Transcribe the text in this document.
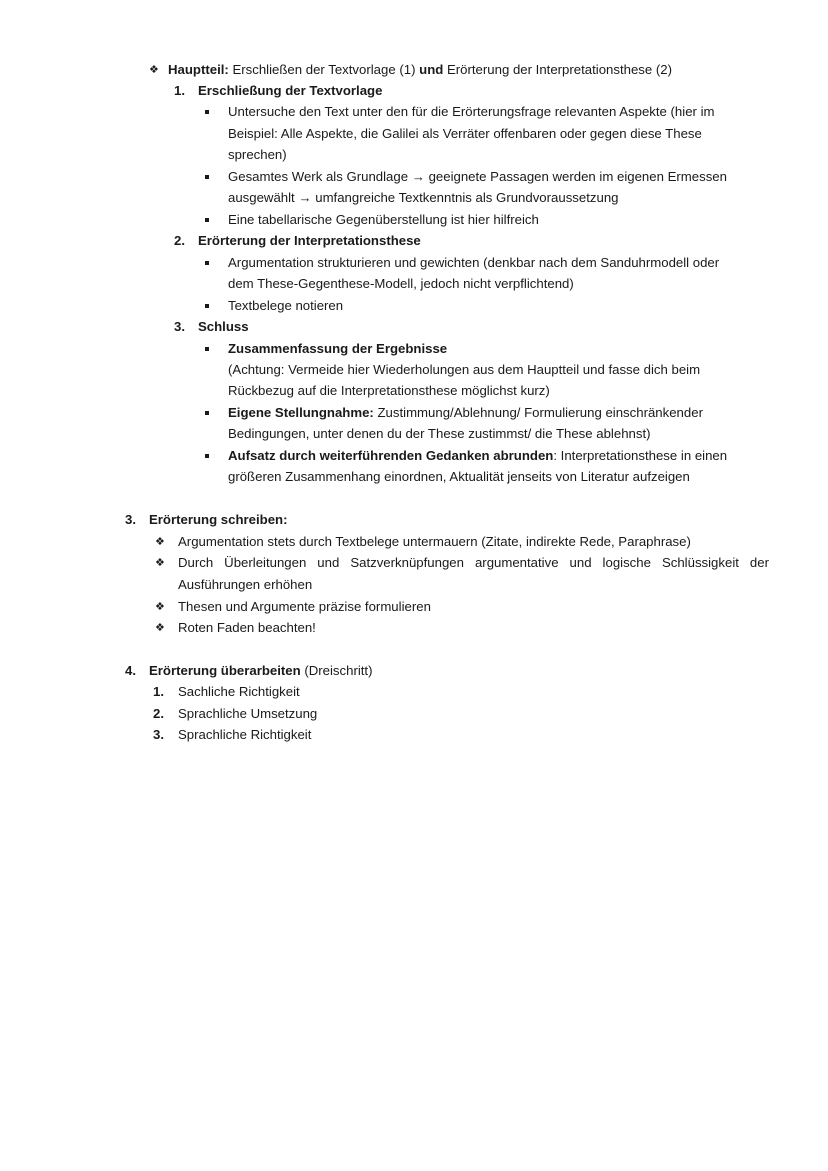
❖ Hauptteil: Erschließen der Textvorlage (1) und Erörterung der Interpretationsthese (2)
1. Erschließung der Textvorlage
Untersuche den Text unter den für die Erörterungsfrage relevanten Aspekte (hier im
Beispiel: Alle Aspekte, die Galilei als Verräter offenbaren oder gegen diese These
sprechen)
Gesamtes Werk als Grundlage → geeignete Passagen werden im eigenen Ermessen
ausgewählt → umfangreiche Textkenntnis als Grundvoraussetzung
Eine tabellarische Gegenüberstellung ist hier hilfreich
2. Erörterung der Interpretationsthese
Argumentation strukturieren und gewichten (denkbar nach dem Sanduhrmodell oder
dem These-Gegenthese-Modell, jedoch nicht verpflichtend)
Textbelege notieren
3. Schluss
Zusammenfassung der Ergebnisse
(Achtung: Vermeide hier Wiederholungen aus dem Hauptteil und fasse dich beim
Rückbezug auf die Interpretationsthese möglichst kurz)
Eigene Stellungnahme: Zustimmung/Ablehnung/ Formulierung einschränkender
Bedingungen, unter denen du der These zustimmst/ die These ablehnst)
Aufsatz durch weiterführenden Gedanken abrunden: Interpretationsthese in einen
größeren Zusammenhang einordnen, Aktualität jenseits von Literatur aufzeigen
3. Erörterung schreiben:
❖ Argumentation stets durch Textbelege untermauern (Zitate, indirekte Rede, Paraphrase)
❖ Durch Überleitungen und Satzverknüpfungen argumentative und logische Schlüssigkeit der
Ausführungen erhöhen
❖ Thesen und Argumente präzise formulieren
❖ Roten Faden beachten!
4. Erörterung überarbeiten (Dreischritt)
1. Sachliche Richtigkeit
2. Sprachliche Umsetzung
3. Sprachliche Richtigkeit
